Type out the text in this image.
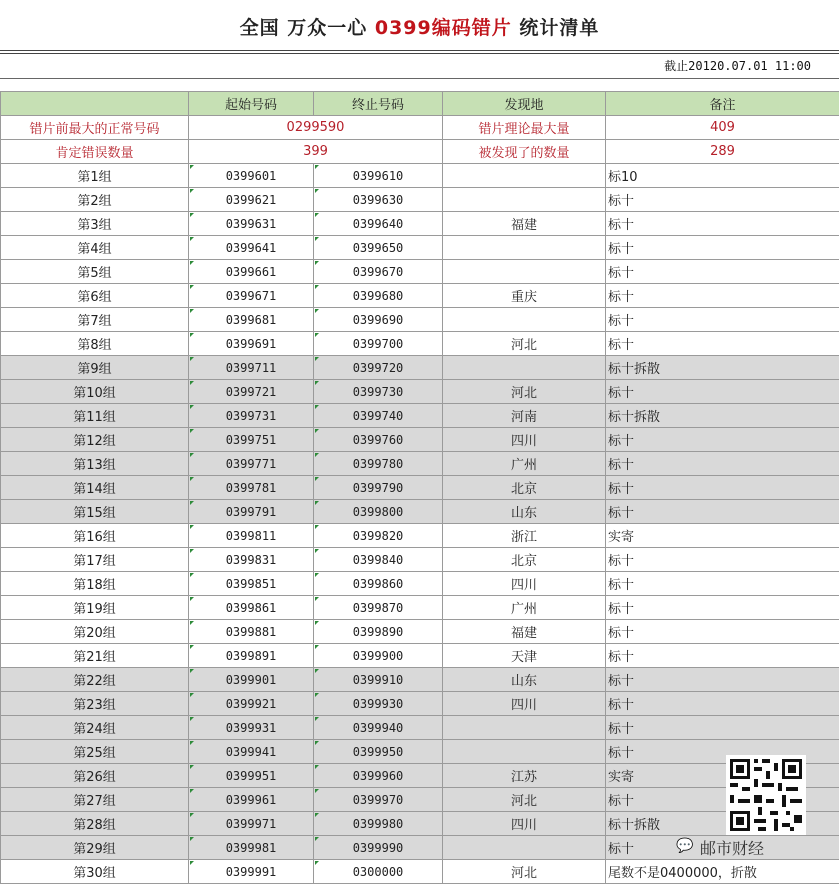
全国 万众一心 0399编码错片 统计清单
截止20120.07.01 11:00
	起始号码	终止号码	发现地	备注
错片前最大的正常号码	0299590		错片理论最大量	409
肯定错误数量	399		被发现了的数量	289
第1组	0399601	0399610		标10
第2组	0399621	0399630		标十
第3组	0399631	0399640	福建	标十
第4组	0399641	0399650		标十
第5组	0399661	0399670		标十
第6组	0399671	0399680	重庆	标十
第7组	0399681	0399690		标十
第8组	0399691	0399700	河北	标十
第9组	0399711	0399720		标十拆散
第10组	0399721	0399730	河北	标十
第11组	0399731	0399740	河南	标十拆散
第12组	0399751	0399760	四川	标十
第13组	0399771	0399780	广州	标十
第14组	0399781	0399790	北京	标十
第15组	0399791	0399800	山东	标十
第16组	0399811	0399820	浙江	实寄
第17组	0399831	0399840	北京	标十
第18组	0399851	0399860	四川	标十
第19组	0399861	0399870	广州	标十
第20组	0399881	0399890	福建	标十
第21组	0399891	0399900	天津	标十
第22组	0399901	0399910	山东	标十
第23组	0399921	0399930	四川	标十
第24组	0399931	0399940		标十
第25组	0399941	0399950		标十
第26组	0399951	0399960	江苏	实寄
第27组	0399961	0399970	河北	标十
第28组	0399971	0399980	四川	标十拆散
第29组	0399981	0399990		标十
第30组	0399991	0300000	河北	尾数不是0400000，折散
💬 邮市财经
